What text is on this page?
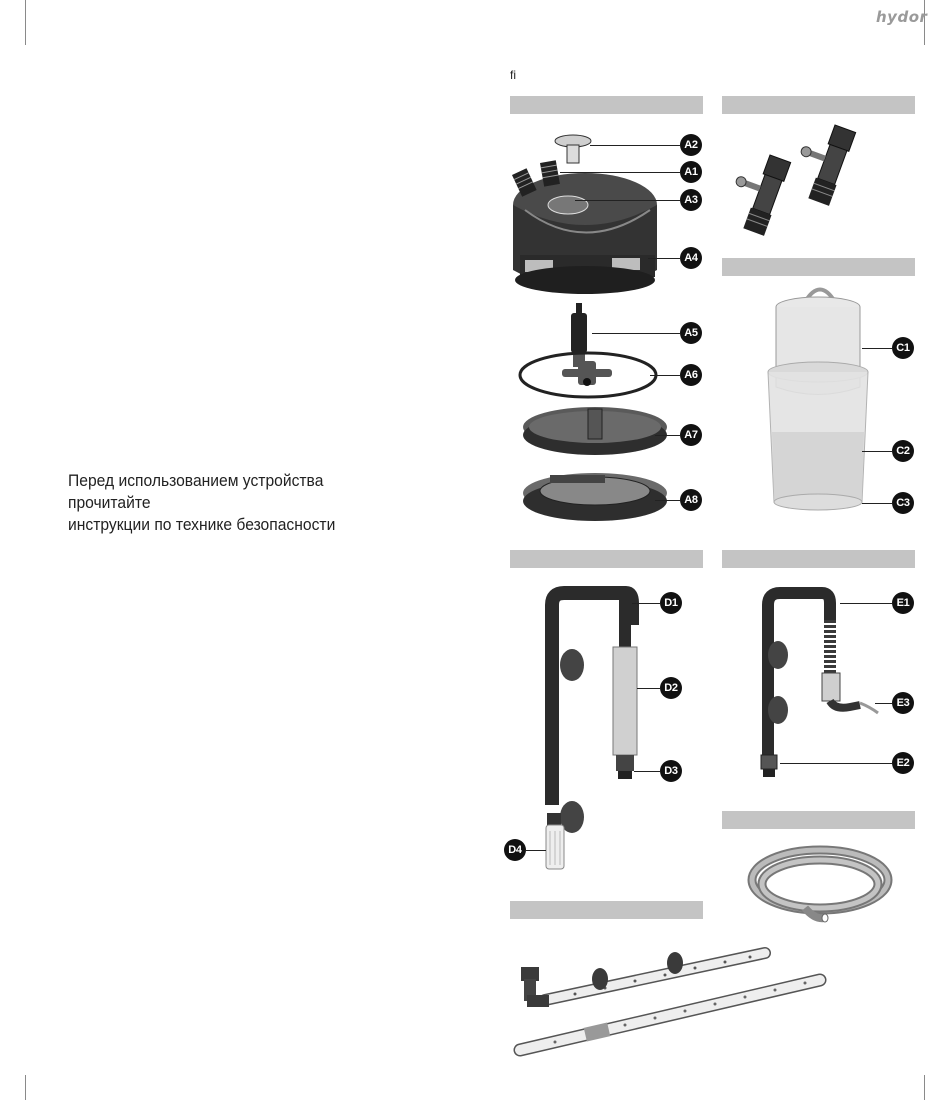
hydor
fi
Перед использованием устройства прочитайте
инструкции по технике безопасности
A2
A1
A3
A4
A5
A6
A7
A8
C1
C2
C3
D1
D2
D3
D4
E1
E3
E2
